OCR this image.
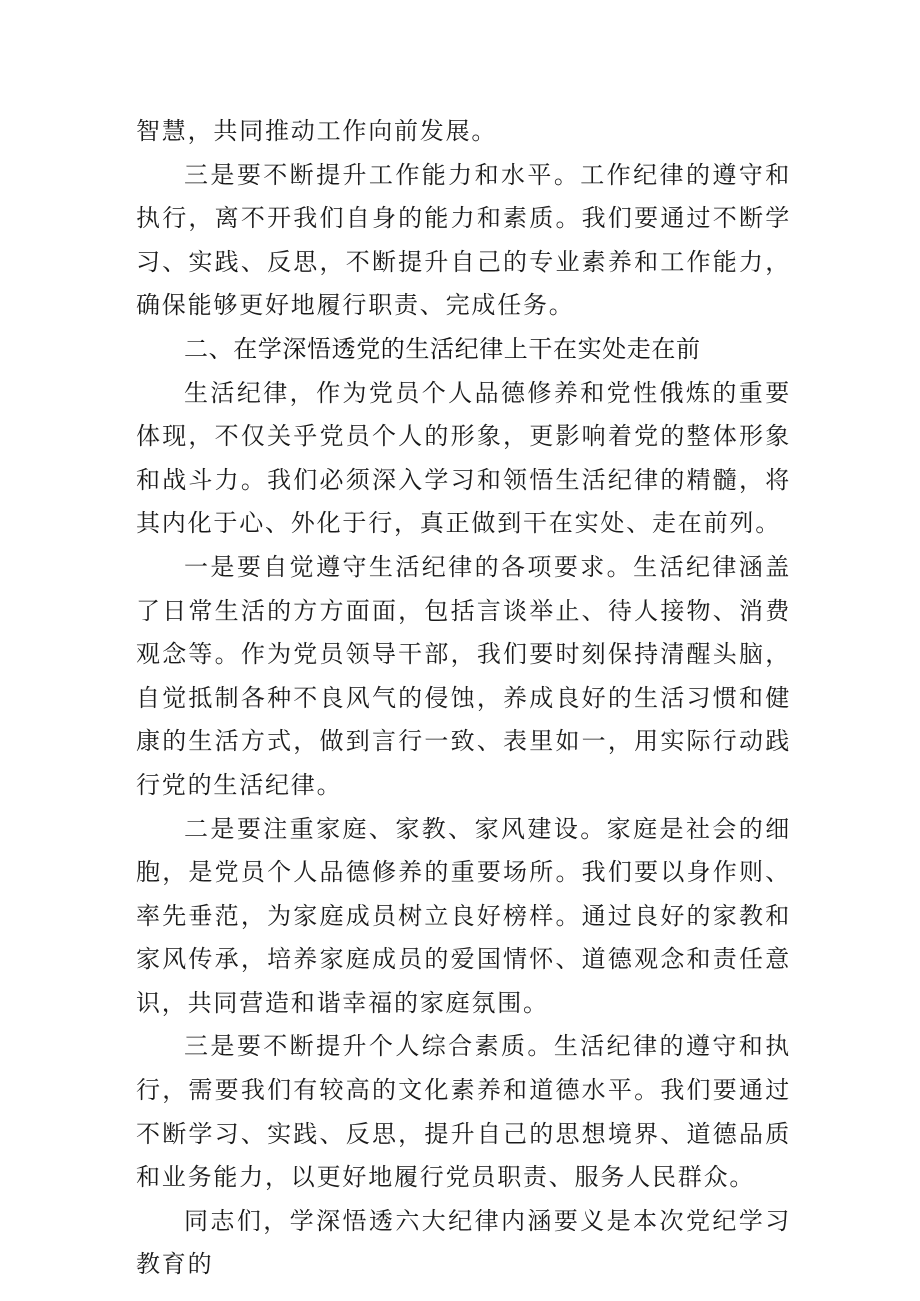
智慧，共同推动工作向前发展。

三是要不断提升工作能力和水平。工作纪律的遵守和执行，离不开我们自身的能力和素质。我们要通过不断学习、实践、反思，不断提升自己的专业素养和工作能力，确保能够更好地履行职责、完成任务。

二、在学深悟透党的生活纪律上干在实处走在前

生活纪律，作为党员个人品德修养和党性俄炼的重要体现，不仅关乎党员个人的形象，更影响着党的整体形象和战斗力。我们必须深入学习和领悟生活纪律的精髓，将其内化于心、外化于行，真正做到干在实处、走在前列。

一是要自觉遵守生活纪律的各项要求。生活纪律涵盖了日常生活的方方面面，包括言谈举止、待人接物、消费观念等。作为党员领导干部，我们要时刻保持清醒头脑，自觉抵制各种不良风气的侵蚀，养成良好的生活习惯和健康的生活方式，做到言行一致、表里如一，用实际行动践行党的生活纪律。

二是要注重家庭、家教、家风建设。家庭是社会的细胞，是党员个人品德修养的重要场所。我们要以身作则、率先垂范，为家庭成员树立良好榜样。通过良好的家教和家风传承，培养家庭成员的爱国情怀、道德观念和责任意识，共同营造和谐幸福的家庭氛围。

三是要不断提升个人综合素质。生活纪律的遵守和执行，需要我们有较高的文化素养和道德水平。我们要通过不断学习、实践、反思，提升自己的思想境界、道德品质和业务能力，以更好地履行党员职责、服务人民群众。

同志们，学深悟透六大纪律内涵要义是本次党纪学习教育的
